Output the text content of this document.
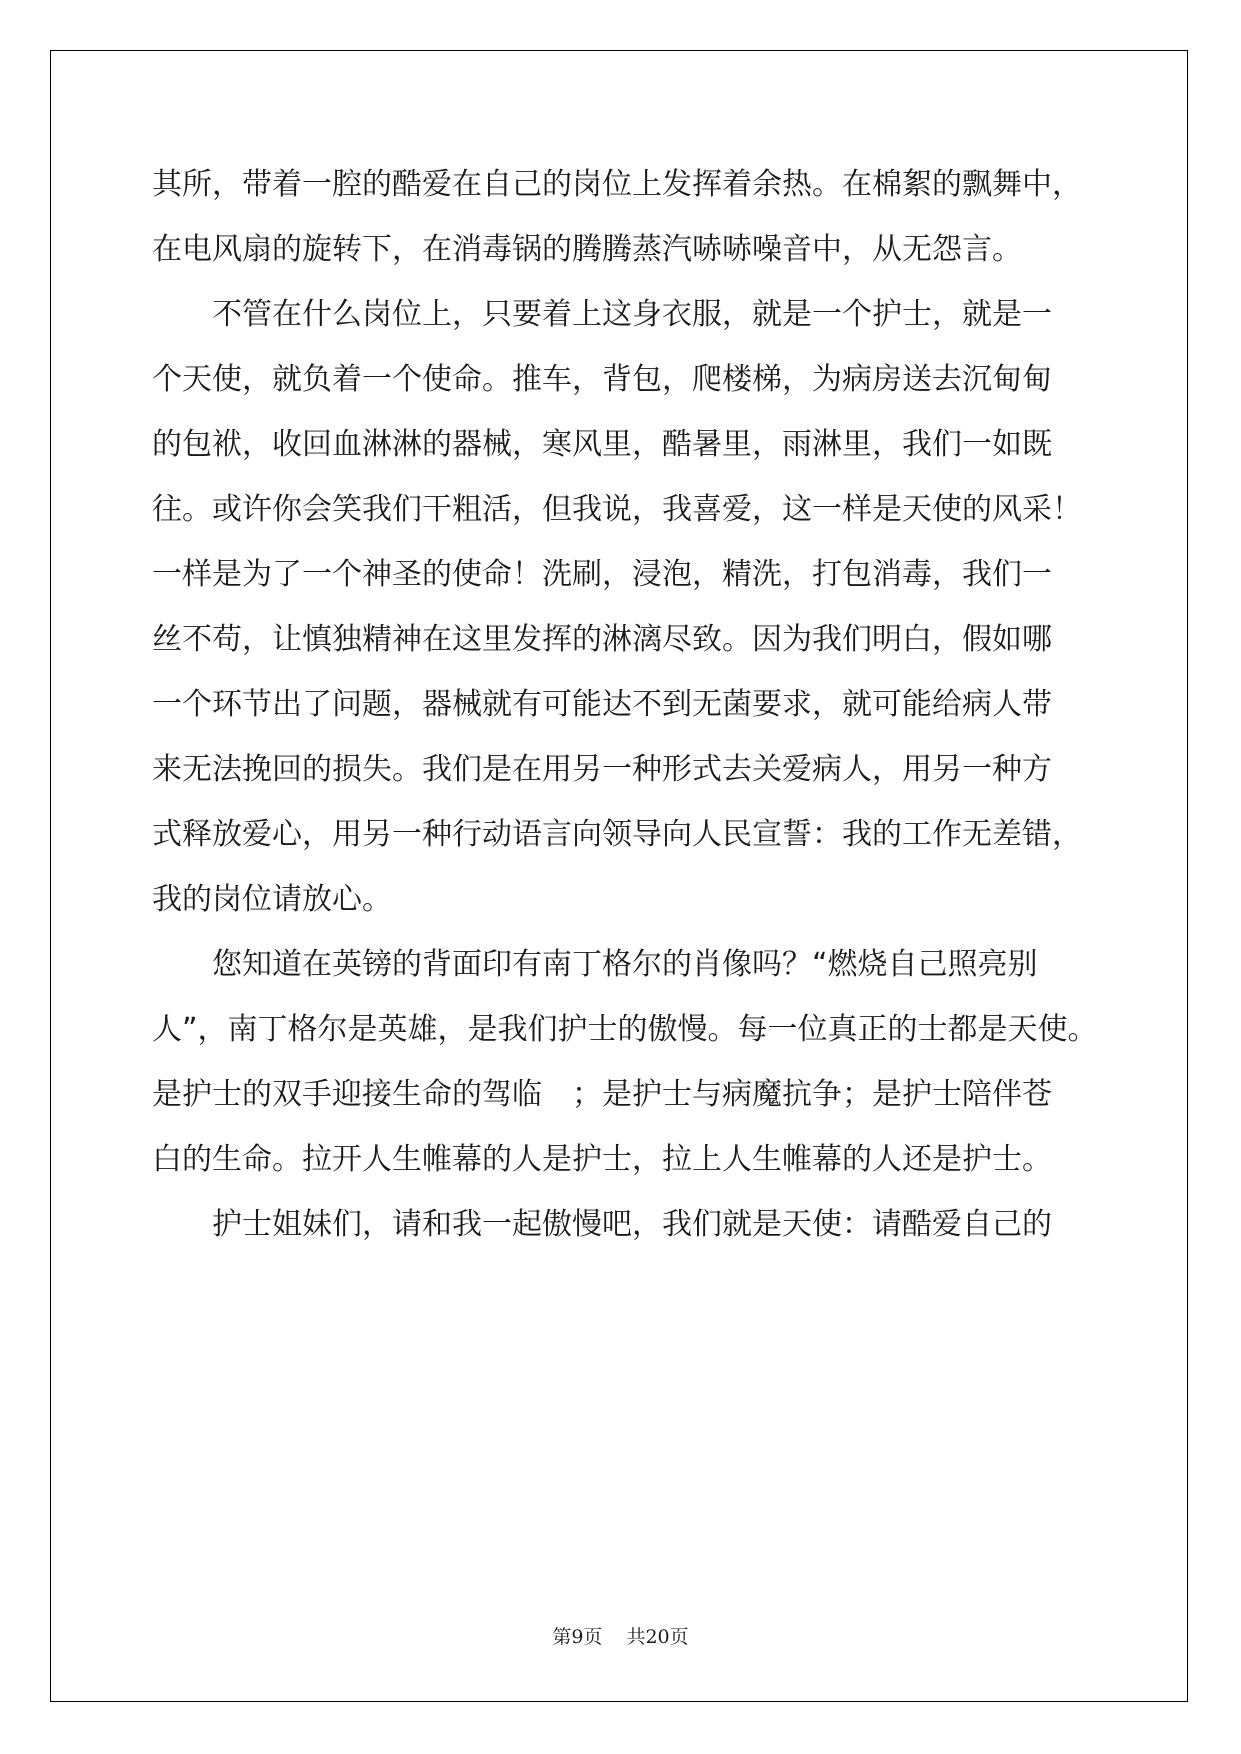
其所，带着一腔的酷爱在自己的岗位上发挥着余热。在棉絮的飘舞中，
在电风扇的旋转下，在消毒锅的腾腾蒸汽哧哧噪音中，从无怨言。
　　不管在什么岗位上，只要着上这身衣服，就是一个护士，就是一
个天使，就负着一个使命。推车，背包，爬楼梯，为病房送去沉甸甸
的包袱，收回血淋淋的器械，寒风里，酷暑里，雨淋里，我们一如既
往。或许你会笑我们干粗活，但我说，我喜爱，这一样是天使的风采！
一样是为了一个神圣的使命！洗刷，浸泡，精洗，打包消毒，我们一
丝不苟，让慎独精神在这里发挥的淋漓尽致。因为我们明白，假如哪
一个环节出了问题，器械就有可能达不到无菌要求，就可能给病人带
来无法挽回的损失。我们是在用另一种形式去关爱病人，用另一种方
式释放爱心，用另一种行动语言向领导向人民宣誓：我的工作无差错，
我的岗位请放心。
　　您知道在英镑的背面印有南丁格尔的肖像吗？“燃烧自己照亮别
人”，南丁格尔是英雄，是我们护士的傲慢。每一位真正的士都是天使。
是护士的双手迎接生命的驾临　；是护士与病魔抗争；是护士陪伴苍
白的生命。拉开人生帷幕的人是护士，拉上人生帷幕的人还是护士。
　　护士姐妹们，请和我一起傲慢吧，我们就是天使：请酷爱自己的
第9页 共20页
